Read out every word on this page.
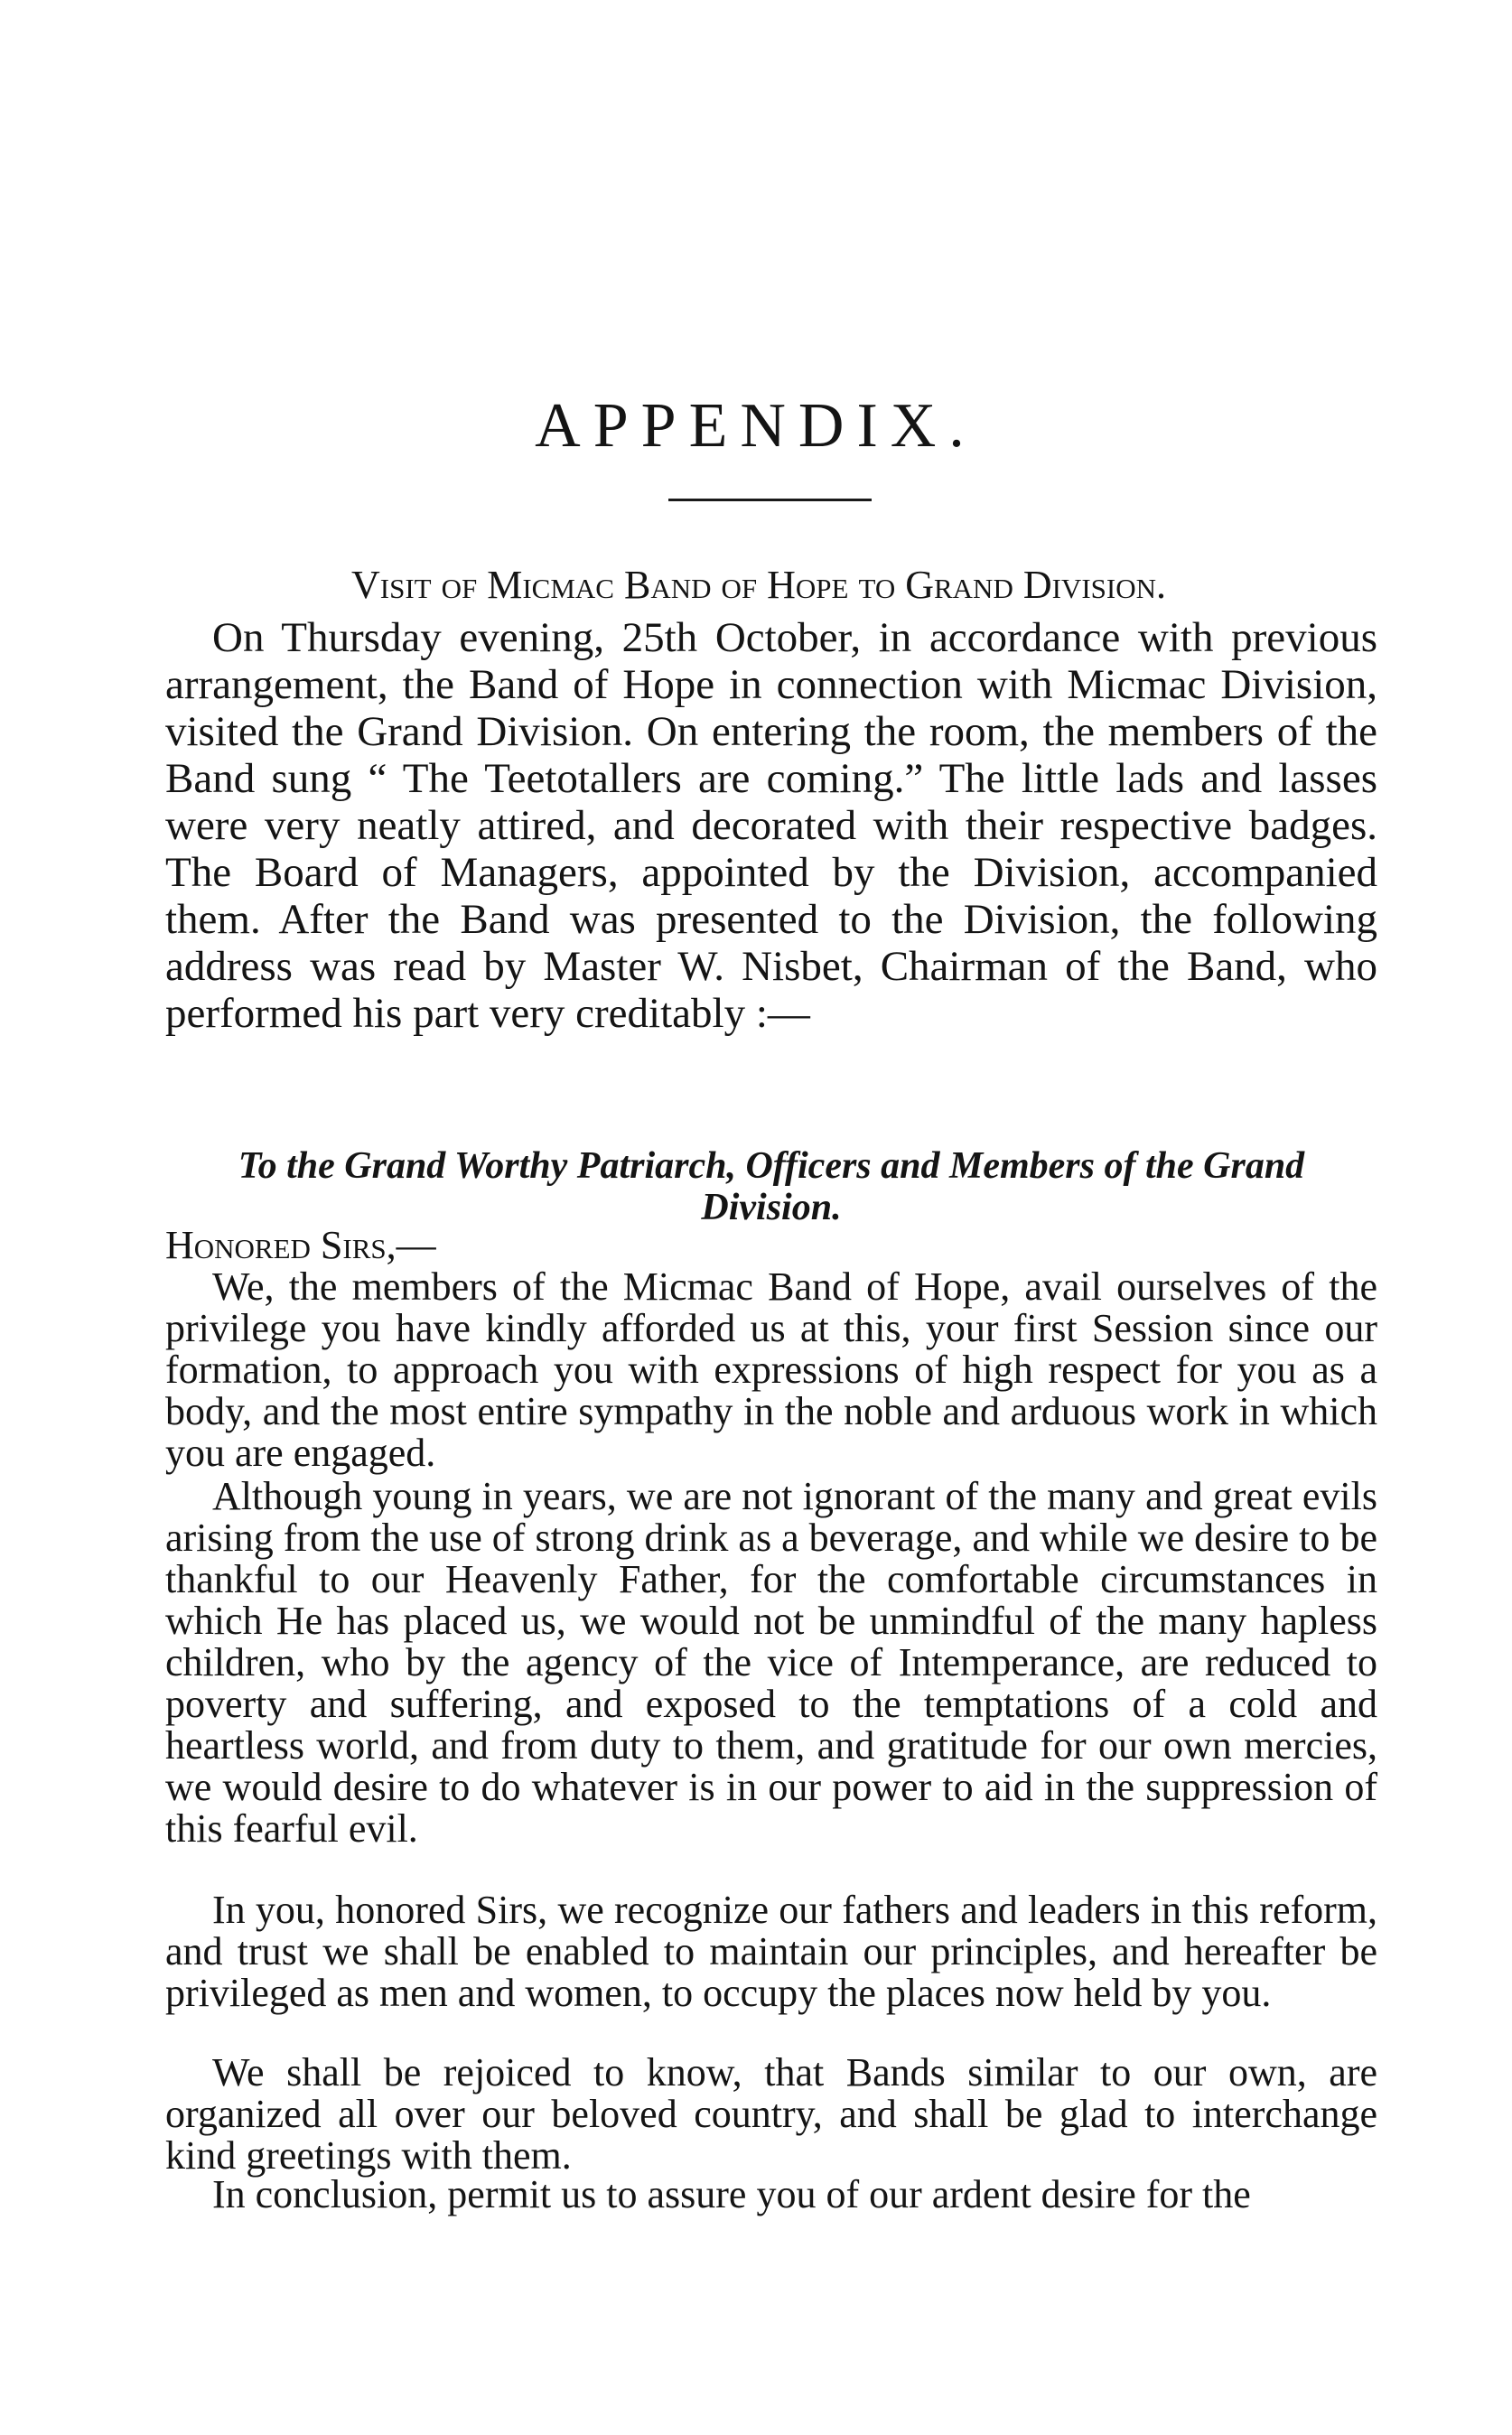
APPENDIX.
Visit of Micmac Band of Hope to Grand Division.
On Thursday evening, 25th October, in accordance with previous arrangement, the Band of Hope in connection with Micmac Division, visited the Grand Division. On entering the room, the members of the Band sung “ The Teetotallers are coming.” The little lads and lasses were very neatly attired, and decorated with their respective badges. The Board of Managers, appointed by the Division, accompanied them. After the Band was presented to the Division, the following address was read by Master W. Nisbet, Chairman of the Band, who performed his part very creditably :—
To the Grand Worthy Patriarch, Officers and Members of the Grand Division.
Honored Sirs,—
We, the members of the Micmac Band of Hope, avail ourselves of the privilege you have kindly afforded us at this, your first Session since our formation, to approach you with expressions of high respect for you as a body, and the most entire sympathy in the noble and arduous work in which you are engaged.
Although young in years, we are not ignorant of the many and great evils arising from the use of strong drink as a beverage, and while we desire to be thankful to our Heavenly Father, for the comfortable circumstances in which He has placed us, we would not be unmindful of the many hapless children, who by the agency of the vice of Intemperance, are reduced to poverty and suffering, and exposed to the temptations of a cold and heartless world, and from duty to them, and gratitude for our own mercies, we would desire to do whatever is in our power to aid in the suppression of this fearful evil.
In you, honored Sirs, we recognize our fathers and leaders in this reform, and trust we shall be enabled to maintain our principles, and hereafter be privileged as men and women, to occupy the places now held by you.
We shall be rejoiced to know, that Bands similar to our own, are organized all over our beloved country, and shall be glad to interchange kind greetings with them.
In conclusion, permit us to assure you of our ardent desire for the
